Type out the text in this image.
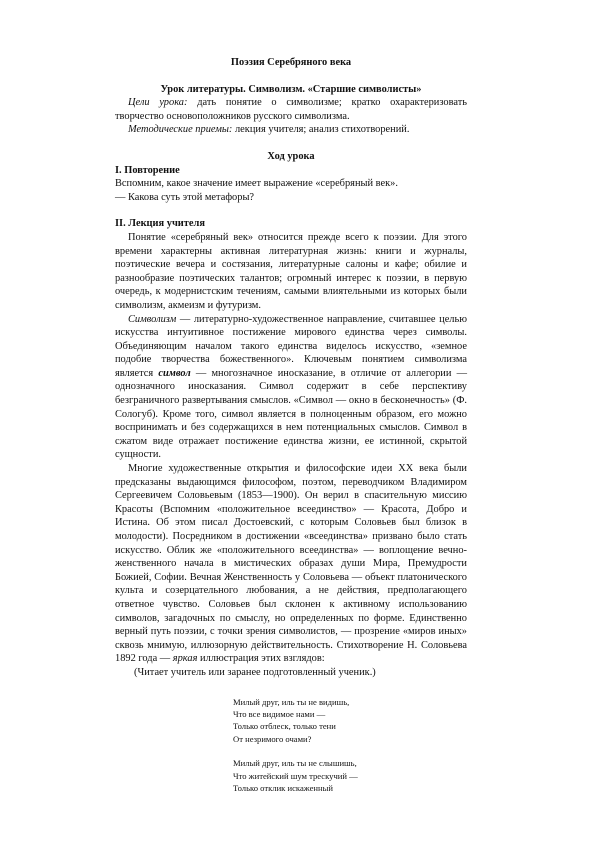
Поэзия Серебряного века

Урок литературы. Символизм. «Старшие символисты»

Цели урока: дать понятие о символизме; кратко охарактеризовать творчество основоположников русского символизма.

Методические приемы: лекция учителя; анализ стихотворений.

Ход урока

I. Повторение

Вспомним, какое значение имеет выражение «серебряный век».

— Какова суть этой метафоры?

II. Лекция учителя

Понятие «серебряный век» относится прежде всего к поэзии. Для этого времени характерны активная литературная жизнь: книги и журналы, поэтические вечера и состязания, литературные салоны и кафе; обилие и разнообразие поэтических талантов; огромный интерес к поэзии, в первую очередь, к модернистским течениям, самыми влиятельными из которых были символизм, акмеизм и футуризм.

Символизм — литературно-художественное направление, считавшее целью искусства интуитивное постижение мирового единства через символы. Объединяющим началом такого единства виделось искусство, «земное подобие творчества божественного». Ключевым понятием символизма является символ — многозначное иносказание, в отличие от аллегории — однозначного иносказания. Символ содержит в себе перспективу безграничного развертывания смыслов. «Символ — окно в бесконечность» (Ф. Сологуб). Кроме того, символ является в полноценным образом, его можно воспринимать и без содержащихся в нем потенциальных смыслов. Символ в сжатом виде отражает постижение единства жизни, ее истинной, скрытой сущности.

Многие художественные открытия и философские идеи XX века были предсказаны выдающимся философом, поэтом, переводчиком Владимиром Сергеевичем Соловьевым (1853—1900). Он верил в спасительную миссию Красоты (Вспомним «положительное всеединство» — Красота, Добро и Истина. Об этом писал Достоевский, с которым Соловьев был близок в молодости). Посредником в достижении «всеединства» призвано было стать искусство. Облик же «положительного всеединства» — воплощение вечно-женственного начала в мистических образах души Мира, Премудрости Божией, Софии. Вечная Женственность у Соловьева — объект платонического культа и созерцательного любования, а не действия, предполагающего ответное чувство. Соловьев был склонен к активному использованию символов, загадочных по смыслу, но определенных по форме. Единственно верный путь поэзии, с точки зрения символистов, — прозрение «миров иных» сквозь мнимую, иллюзорную действительность. Стихотворение Н. Соловьева 1892 года — яркая иллюстрация этих взглядов:

(Читает учитель или заранее подготовленный ученик.)

Милый друг, иль ты не видишь,
Что все видимое нами —
Только отблеск, только тени
От незримого очами?
Милый друг, иль ты не слышишь,
Что житейский шум трескучий —
Только отклик искаженный
